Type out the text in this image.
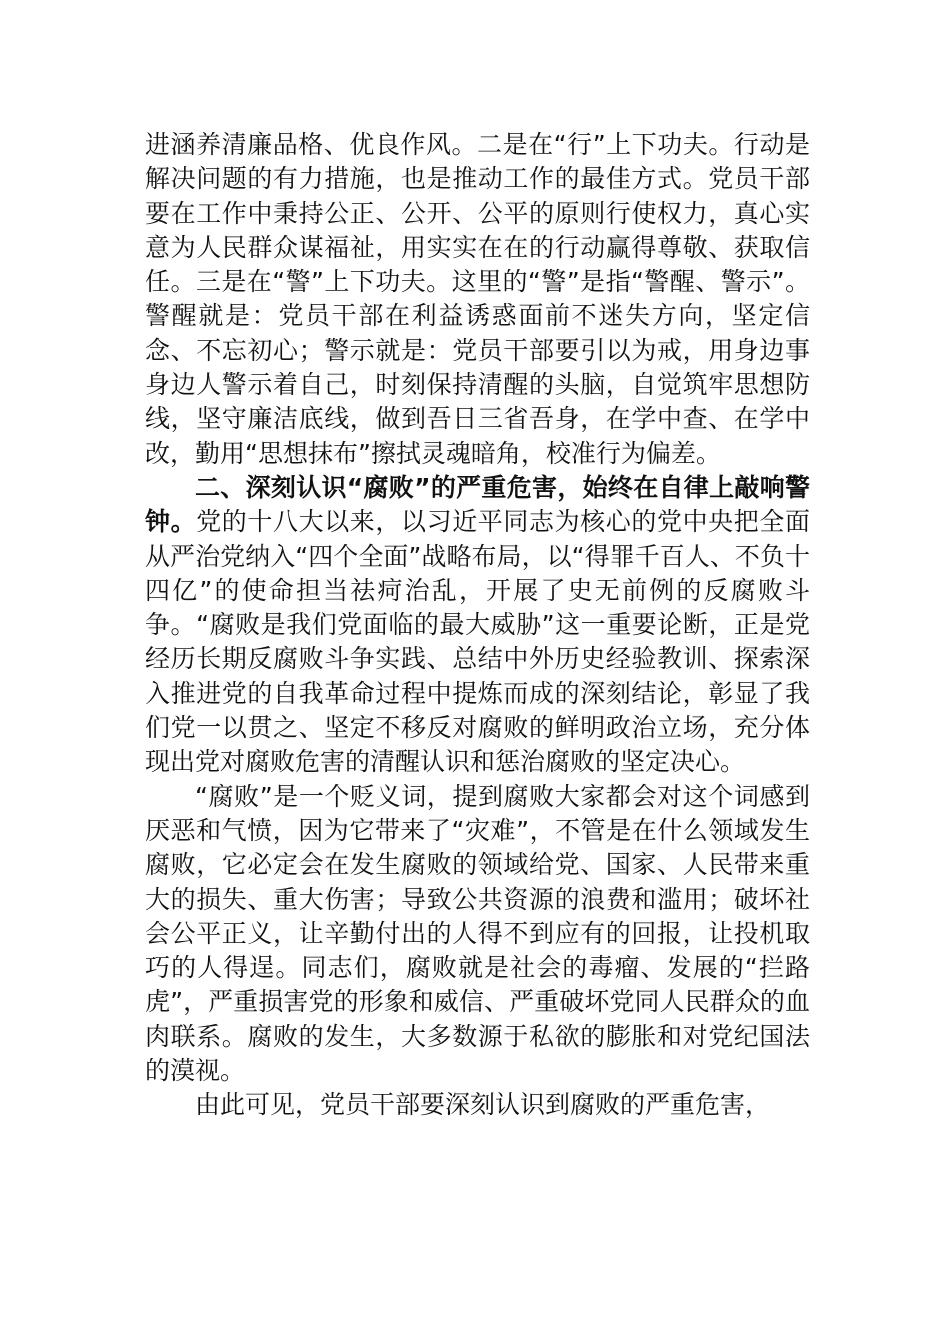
进涵养清廉品格、优良作风。二是在“行”上下功夫。行动是解决问题的有力措施，也是推动工作的最佳方式。党员干部要在工作中秉持公正、公开、公平的原则行使权力，真心实意为人民群众谋福祉，用实实在在的行动赢得尊敬、获取信任。三是在“警”上下功夫。这里的“警”是指“警醒、警示”。警醒就是：党员干部在利益诱惑面前不迷失方向，坚定信念、不忘初心；警示就是：党员干部要引以为戒，用身边事身边人警示着自己，时刻保持清醒的头脑，自觉筑牢思想防线，坚守廉洁底线，做到吾日三省吾身，在学中查、在学中改，勤用“思想抹布”擦拭灵魂暗角，校准行为偏差。

二、深刻认识“腐败”的严重危害，始终在自律上敲响警钟。党的十八大以来，以习近平同志为核心的党中央把全面从严治党纳入“四个全面”战略布局，以“得罪千百人、不负十四亿”的使命担当祛疴治乱，开展了史无前例的反腐败斗争。“腐败是我们党面临的最大威胁”这一重要论断，正是党经历长期反腐败斗争实践、总结中外历史经验教训、探索深入推进党的自我革命过程中提炼而成的深刻结论，彰显了我们党一以贯之、坚定不移反对腐败的鲜明政治立场，充分体现出党对腐败危害的清醒认识和惩治腐败的坚定决心。

“腐败”是一个贬义词，提到腐败大家都会对这个词感到厌恶和气愤，因为它带来了“灾难”，不管是在什么领域发生腐败，它必定会在发生腐败的领域给党、国家、人民带来重大的损失、重大伤害；导致公共资源的浪费和滥用；破坏社会公平正义，让辛勤付出的人得不到应有的回报，让投机取巧的人得逞。同志们，腐败就是社会的毒瘤、发展的“拦路虎”，严重损害党的形象和威信、严重破坏党同人民群众的血肉联系。腐败的发生，大多数源于私欲的膨胀和对党纪国法的漠视。

由此可见，党员干部要深刻认识到腐败的严重危害，
